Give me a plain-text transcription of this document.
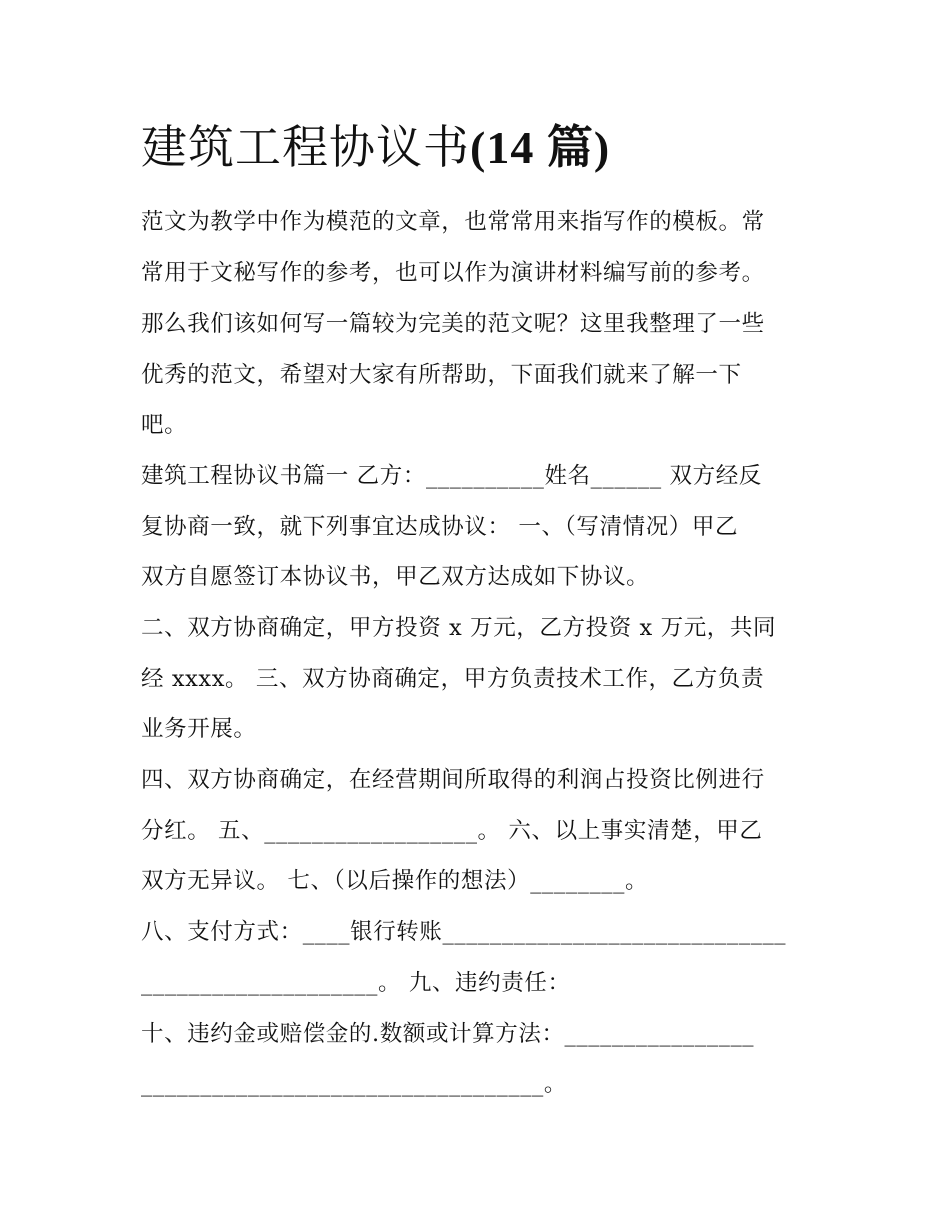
建筑工程协议书(14 篇)

范文为教学中作为模范的文章，也常常用来指写作的模板。常

常用于文秘写作的参考，也可以作为演讲材料编写前的参考。

那么我们该如何写一篇较为完美的范文呢？这里我整理了一些

优秀的范文，希望对大家有所帮助，下面我们就来了解一下

吧。

建筑工程协议书篇一 乙方：__________姓名______ 双方经反

复协商一致，就下列事宜达成协议： 一、（写清情况）甲乙

双方自愿签订本协议书，甲乙双方达成如下协议。

二、双方协商确定，甲方投资 x 万元，乙方投资 x 万元，共同

经 xxxx。 三、双方协商确定，甲方负责技术工作，乙方负责

业务开展。

四、双方协商确定，在经营期间所取得的利润占投资比例进行

分红。 五、__________________。 六、以上事实清楚，甲乙

双方无异议。 七、（以后操作的想法）________。

八、支付方式：____银行转账_____________________________

____________________。 九、违约责任：

十、违约金或赔偿金的.数额或计算方法：________________

__________________________________。
